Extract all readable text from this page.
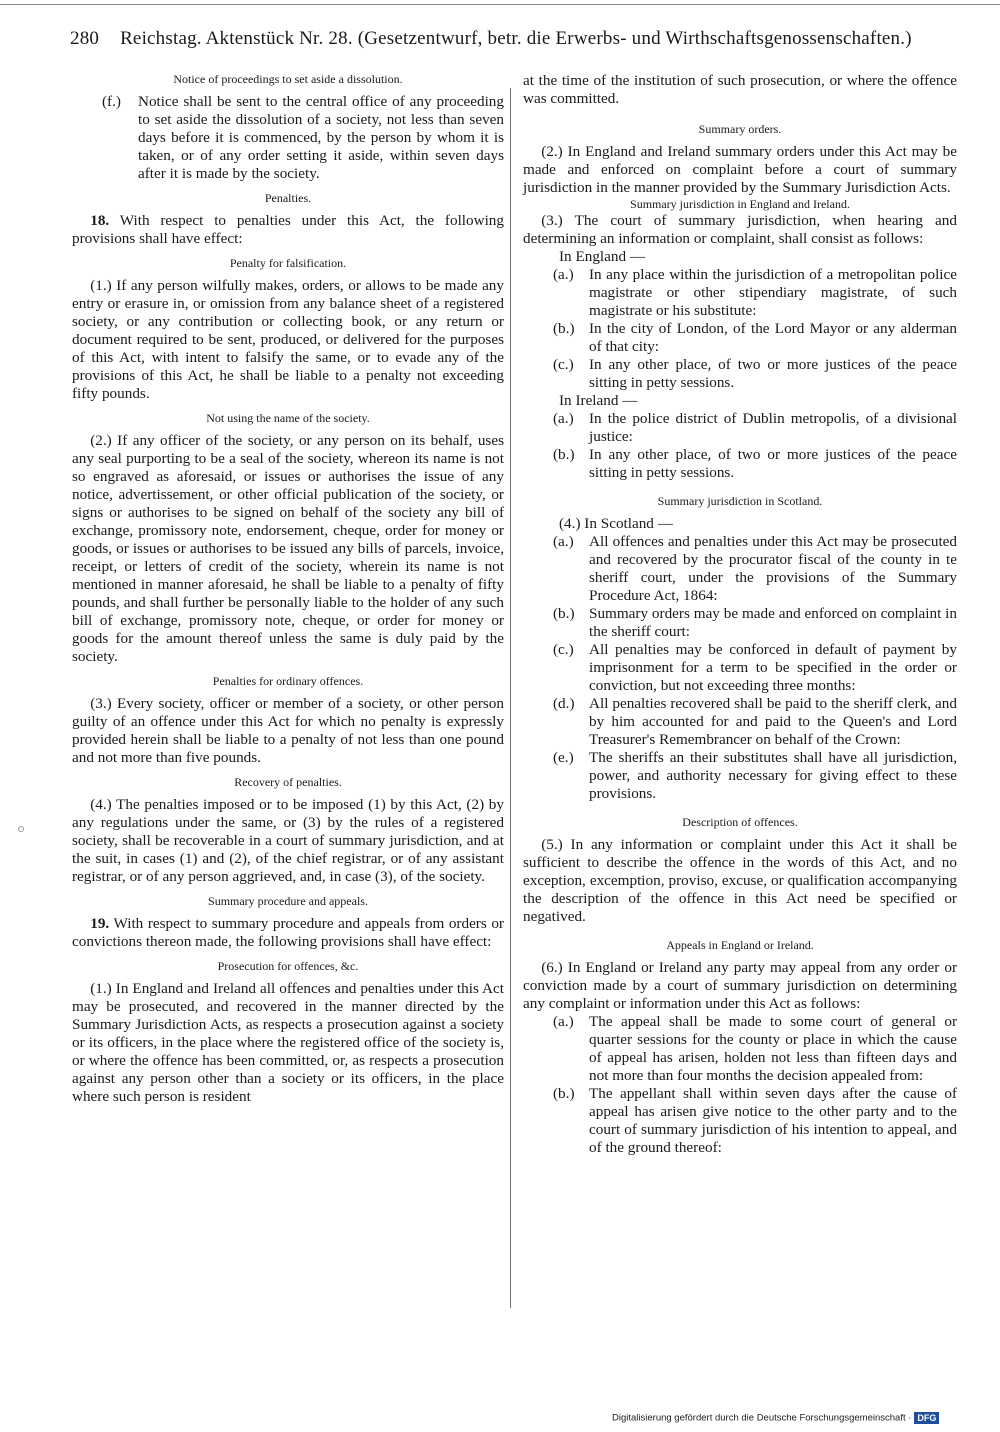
280 Reichstag. Aktenstück Nr. 28. (Gesetzentwurf, betr. die Erwerbs- und Wirthschaftsgenossenschaften.)
Notice of proceedings to set aside a dissolution.
(f.) Notice shall be sent to the central office of any proceeding to set aside the dissolution of a society, not less than seven days before it is commenced, by the person by whom it is taken, or of any order setting it aside, within seven days after it is made by the society.
Penalties.

18. With respect to penalties under this Act, the following provisions shall have effect:

Penalty for falsification.

(1.) If any person wilfully makes, orders, or allows to be made any entry or erasure in, or omission from any balance sheet of a registered society, or any contribution or collecting book, or any return or document required to be sent, produced, or delivered for the purposes of this Act, with intent to falsify the same, or to evade any of the provisions of this Act, he shall be liable to a penalty not exceeding fifty pounds.

Not using the name of the society.

(2.) If any officer of the society, or any person on its behalf, uses any seal purporting to be a seal of the society, whereon its name is not so engraved as aforesaid, or issues or authorises the issue of any notice, advertissement, or other official publication of the society, or signs or authorises to be signed on behalf of the society any bill of exchange, promissory note, endorsement, cheque, order for money or goods, or issues or authorises to be issued any bills of parcels, invoice, receipt, or letters of credit of the society, wherein its name is not mentioned in manner aforesaid, he shall be liable to a penalty of fifty pounds, and shall further be personally liable to the holder of any such bill of exchange, promissory note, cheque, or order for money or goods for the amount thereof unless the same is duly paid by the society.

Penalties for ordinary offences.

(3.) Every society, officer or member of a society, or other person guilty of an offence under this Act for which no penalty is expressly provided herein shall be liable to a penalty of not less than one pound and not more than five pounds.

Recovery of penalties.

(4.) The penalties imposed or to be imposed (1) by this Act, (2) by any regulations under the same, or (3) by the rules of a registered society, shall be recoverable in a court of summary jurisdiction, and at the suit, in cases (1) and (2), of the chief registrar, or of any assistant registrar, or of any person aggrieved, and, in case (3), of the society.

Summary procedure and appeals.

19. With respect to summary procedure and appeals from orders or convictions thereon made, the following provisions shall have effect:

Prosecution for offences, &c.

(1.) In England and Ireland all offences and penalties under this Act may be prosecuted, and recovered in the manner directed by the Summary Jurisdiction Acts, as respects a prosecution against a society or its officers, in the place where the registered office of the society is, or where the offence has been committed, or, as respects a prosecution against any person other than a society or its officers, in the place where such person is resident

at the time of the institution of such prosecution, or where the offence was committed.

Summary orders.

(2.) In England and Ireland summary orders under this Act may be made and enforced on complaint before a court of summary jurisdiction in the manner provided by the Summary Jurisdiction Acts.

Summary jurisdiction in England and Ireland.

(3.) The court of summary jurisdiction, when hearing and determining an information or complaint, shall consist as follows:

In England —
(a.) In any place within the jurisdiction of a metropolitan police magistrate or other stipendiary magistrate, of such magistrate or his substitute:
(b.) In the city of London, of the Lord Mayor or any alderman of that city:
(c.) In any other place, of two or more justices of the peace sitting in petty sessions.
In Ireland —
(a.) In the police district of Dublin metropolis, of a divisional justice:
(b.) In any other place, of two or more justices of the peace sitting in petty sessions.
Summary jurisdiction in Scotland.
(4.) In Scotland —
(a.) All offences and penalties under this Act may be prosecuted and recovered by the procurator fiscal of the county in te sheriff court, under the provisions of the Summary Procedure Act, 1864:
(b.) Summary orders may be made and enforced on complaint in the sheriff court:
(c.) All penalties may be conforced in default of payment by imprisonment for a term to be specified in the order or conviction, but not exceeding three months:
(d.) All penalties recovered shall be paid to the sheriff clerk, and by him accounted for and paid to the Queen's and Lord Treasurer's Remembrancer on behalf of the Crown:
(e.) The sheriffs an their substitutes shall have all jurisdiction, power, and authority necessary for giving effect to these provisions.
Description of offences.

(5.) In any information or complaint under this Act it shall be sufficient to describe the offence in the words of this Act, and no exception, excemption, proviso, excuse, or qualification accompanying the description of the offence in this Act need be specified or negatived.

Appeals in England or Ireland.

(6.) In England or Ireland any party may appeal from any order or conviction made by a court of summary jurisdiction on determining any complaint or information under this Act as follows:

(a.) The appeal shall be made to some court of general or quarter sessions for the county or place in which the cause of appeal has arisen, holden not less than fifteen days and not more than four months the decision appealed from:
(b.) The appellant shall within seven days after the cause of appeal has arisen give notice to the other party and to the court of summary jurisdiction of his intention to appeal, and of the ground thereof:
Digitalisierung gefördert durch die Deutsche Forschungsgemeinschaft · DFG
